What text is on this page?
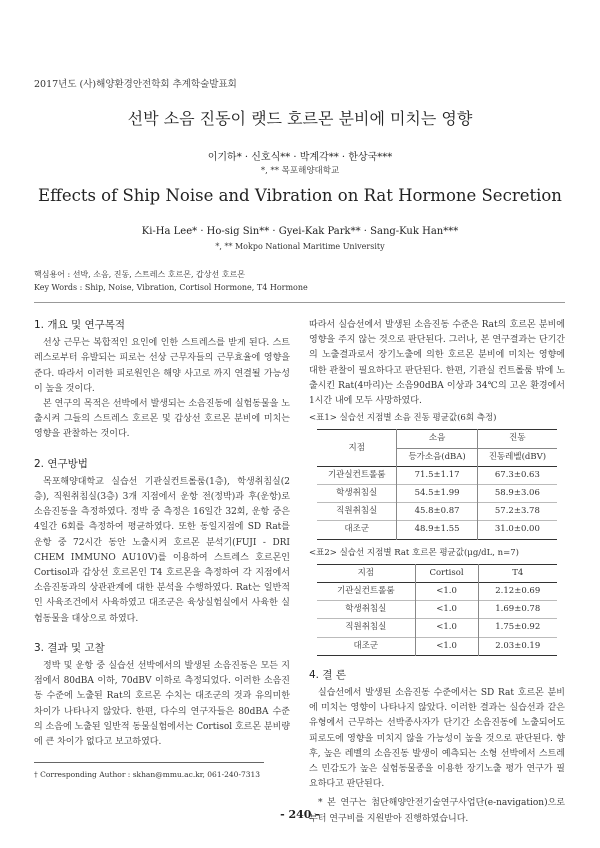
2017년도 (사)해양환경안전학회 추계학술발표회
선박 소음 진동이 랫드 호르몬 분비에 미치는 영향
이기하* · 신호식** · 박계각** · 한상국***
*, ** 목포해양대학교
Effects of Ship Noise and Vibration on Rat Hormone Secretion
Ki-Ha Lee* · Ho-sig Sin** · Gyei-Kak Park** · Sang-Kuk Han***
*, ** Mokpo National Maritime University
핵심용어 : 선박, 소음, 진동, 스트레스 호르몬, 갑상선 호르몬
Key Words : Ship, Noise, Vibration, Cortisol Hormone, T4 Hormone
1. 개요 및 연구목적

선상 근무는 복합적인 요인에 인한 스트레스를 받게 된다. 스트레스로부터 유발되는 피로는 선상 근무자들의 근무효율에 영향을 준다. 따라서 이러한 피로원인은 해양 사고로 까지 연결될 가능성이 높을 것이다.

본 연구의 목적은 선박에서 발생되는 소음진동에 실험동물을 노출시켜 그들의 스트레스 호르몬 및 갑상선 호르몬 분비에 미치는 영향을 관찰하는 것이다.

2. 연구방법

목포해양대학교 실습선 기관실컨트롤룸(1층), 학생취침실(2층), 직원취침실(3층) 3개 지점에서 운항 전(정박)과 후(운항)로 소음진동을 측정하였다. 정박 중 측정은 16일간 32회, 운항 중은 4일간 6회를 측정하여 평균하였다. 또한 동일지점에 SD Rat를 운항 중 72시간 동안 노출시켜 호르몬 분석기(FUJI - DRI CHEM IMMUNO AU10V)를 이용하여 스트레스 호르몬인 Cortisol과 갑상선 호르몬인 T4 호르몬을 측정하여 각 지점에서 소음진동과의 상관관계에 대한 분석을 수행하였다. Rat는 일반적인 사육조건에서 사육하였고 대조군은 육상실험실에서 사육한 실험동물을 대상으로 하였다.

3. 결과 및 고찰

정박 및 운항 중 실습선 선박에서의 발생된 소음진동은 모든 지점에서 80dBA 이하, 70dBV 이하로 측정되었다. 이러한 소음진동 수준에 노출된 Rat의 호르몬 수치는 대조군의 것과 유의미한 차이가 나타나지 않았다. 한편, 다수의 연구자들은 80dBA 수준의 소음에 노출된 일반적 동물실험에서는 Cortisol 호르몬 분비량에 큰 차이가 없다고 보고하였다.

따라서 실습선에서 발생된 소음진동 수준은 Rat의 호르몬 분비에 영향을 주지 않는 것으로 판단된다. 그러나, 본 연구결과는 단기간의 노출결과로서 장기노출에 의한 호르몬 분비에 미치는 영향에 대한 관찰이 필요하다고 판단된다. 한편, 기관실 컨트롤룸 밖에 노출시킨 Rat(4마리)는 소음90dBA 이상과 34℃의 고온 환경에서 1시간 내에 모두 사망하였다.

<표1> 실습선 지점별 소음 진동 평균값(6회 측정)
지점	소음	진동
	등가소음(dBA)	진동레벨(dBV)
기관실컨트롤룸	71.5±1.17	67.3±0.63
학생취침실	54.5±1.99	58.9±3.06
직원취침실	45.8±0.87	57.2±3.78
대조군	48.9±1.55	31.0±0.00
<표2> 실습선 지점별 Rat 호르몬 평균값(μg/dL, n=7)
지점	Cortisol	T4
기관실컨트롤룸	<1.0	2.12±0.69
학생취침실	<1.0	1.69±0.78
직원취침실	<1.0	1.75±0.92
대조군	<1.0	2.03±0.19
4. 결 론

실습선에서 발생된 소음진동 수준에서는 SD Rat 호르몬 분비에 미치는 영향이 나타나지 않았다. 이러한 결과는 실습선과 같은 유형에서 근무하는 선박종사자가 단기간 소음진동에 노출되어도 피로도에 영향을 미치지 않을 가능성이 높을 것으로 판단된다. 향후, 높은 레벨의 소음진동 발생이 예측되는 소형 선박에서 스트레스 민감도가 높은 실험동물종을 이용한 장기노출 평가 연구가 필요하다고 판단된다.

* 본 연구는 첨단해양안전기술연구사업단(e-navigation)으로부터 연구비를 지원받아 진행하였습니다.

† Corresponding Author : skhan@mmu.ac.kr, 061-240-7313
- 240 -
